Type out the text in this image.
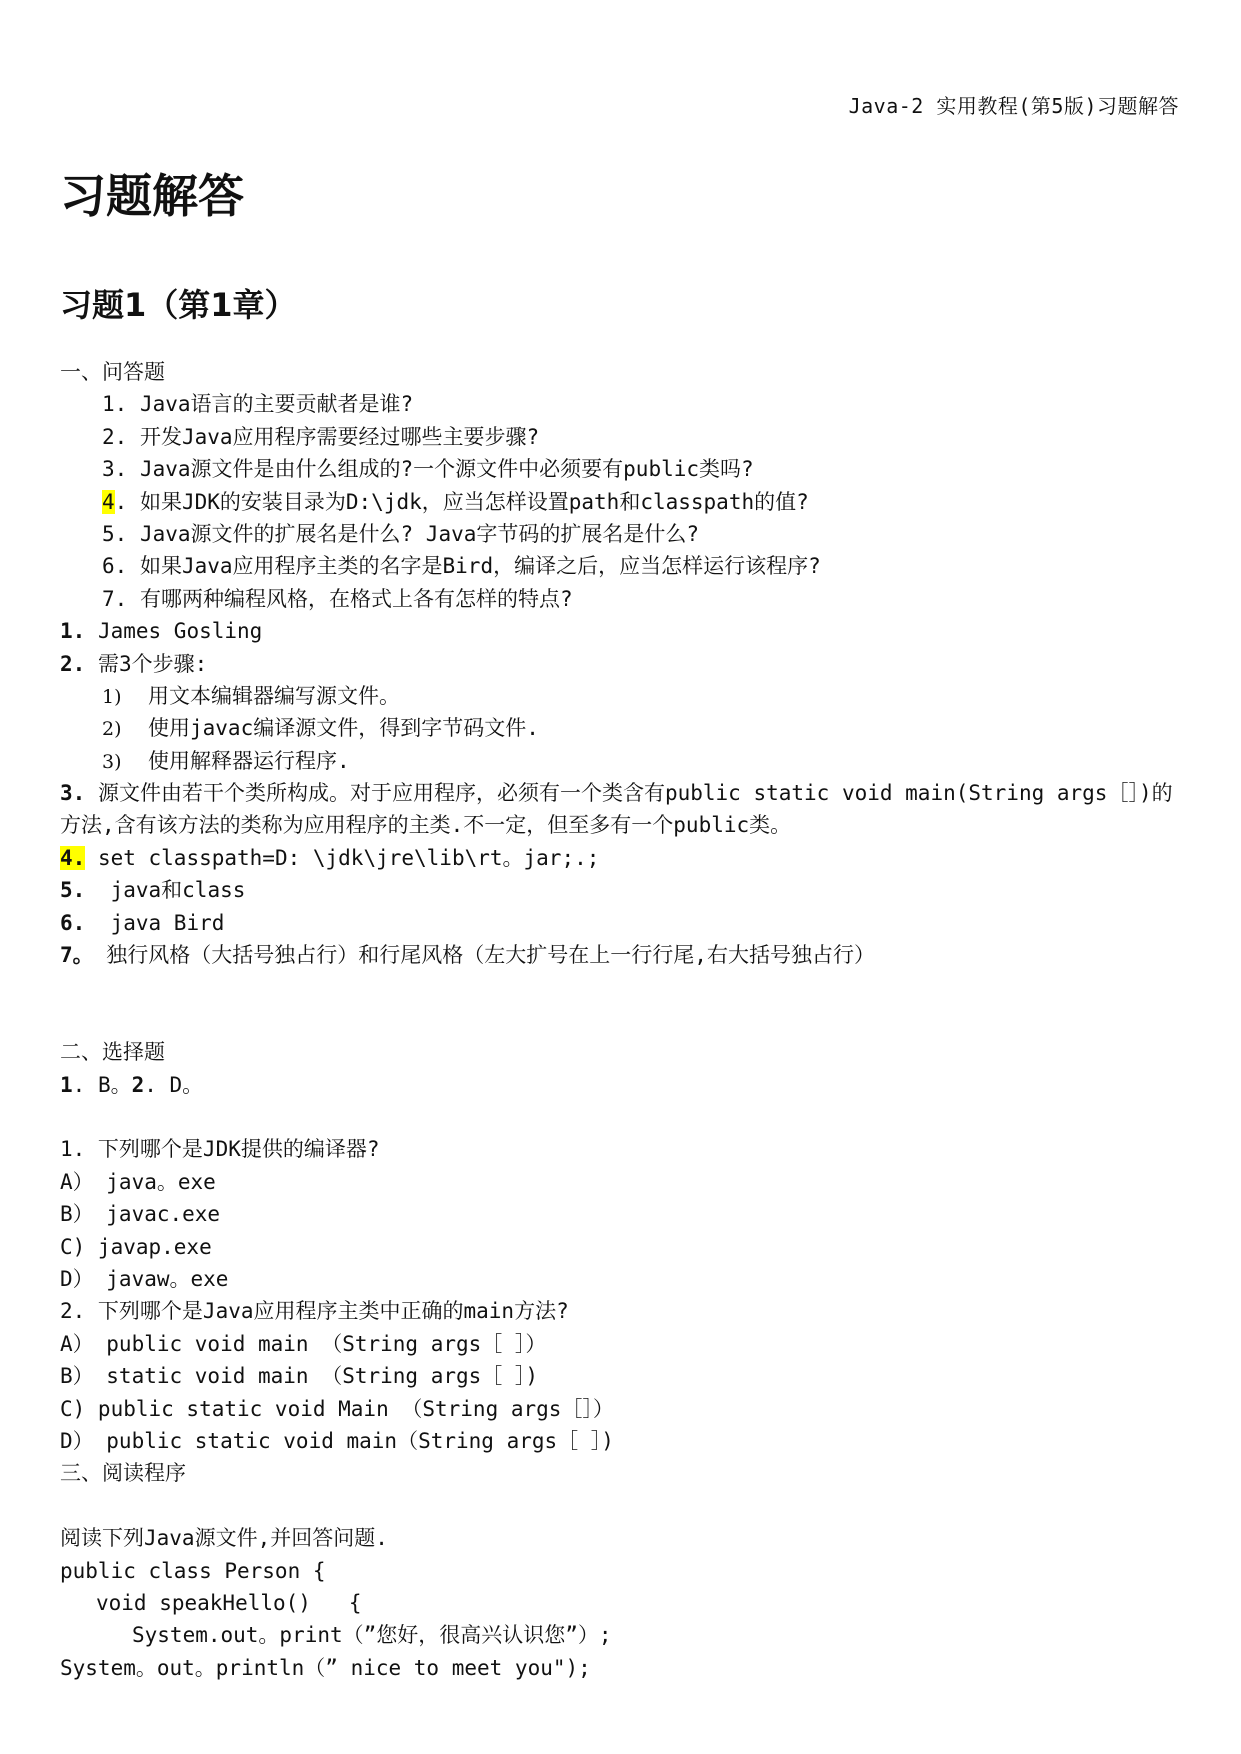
Java-2 实用教程(第5版)习题解答
习题解答
习题1（第1章）
一、问答题
1. Java语言的主要贡献者是谁?
2. 开发Java应用程序需要经过哪些主要步骤?
3. Java源文件是由什么组成的?一个源文件中必须要有public类吗?
4. 如果JDK的安装目录为D:\jdk，应当怎样设置path和classpath的值?
5. Java源文件的扩展名是什么? Java字节码的扩展名是什么?
6. 如果Java应用程序主类的名字是Bird，编译之后，应当怎样运行该程序?
7. 有哪两种编程风格，在格式上各有怎样的特点?
1. James Gosling
2. 需3个步骤:
1) 用文本编辑器编写源文件。
2) 使用javac编译源文件，得到字节码文件.
3) 使用解释器运行程序.
3. 源文件由若干个类所构成。对于应用程序，必须有一个类含有public static void main(String args［］)的方法,含有该方法的类称为应用程序的主类.不一定，但至多有一个public类。
4. set classpath=D: \jdk\jre\lib\rt。jar;.;
5.  java和class
6.  java Bird
7。 独行风格（大括号独占行）和行尾风格（左大扩号在上一行行尾,右大括号独占行）
二、选择题
1. B。2. D。
1. 下列哪个是JDK提供的编译器?
A） java。exe
B） javac.exe
C) javap.exe
D） javaw。exe
2. 下列哪个是Java应用程序主类中正确的main方法?
A） public void main （String args［ ］）
B） static void main （String args［ ］)
C) public static void Main （String args［］）
D） public static void main（String args［ ］)
三、阅读程序
阅读下列Java源文件,并回答问题.
public class Person {
void speakHello()   {
System.out。print（”您好，很高兴认识您”）;
System。out。println（” nice to meet you");
